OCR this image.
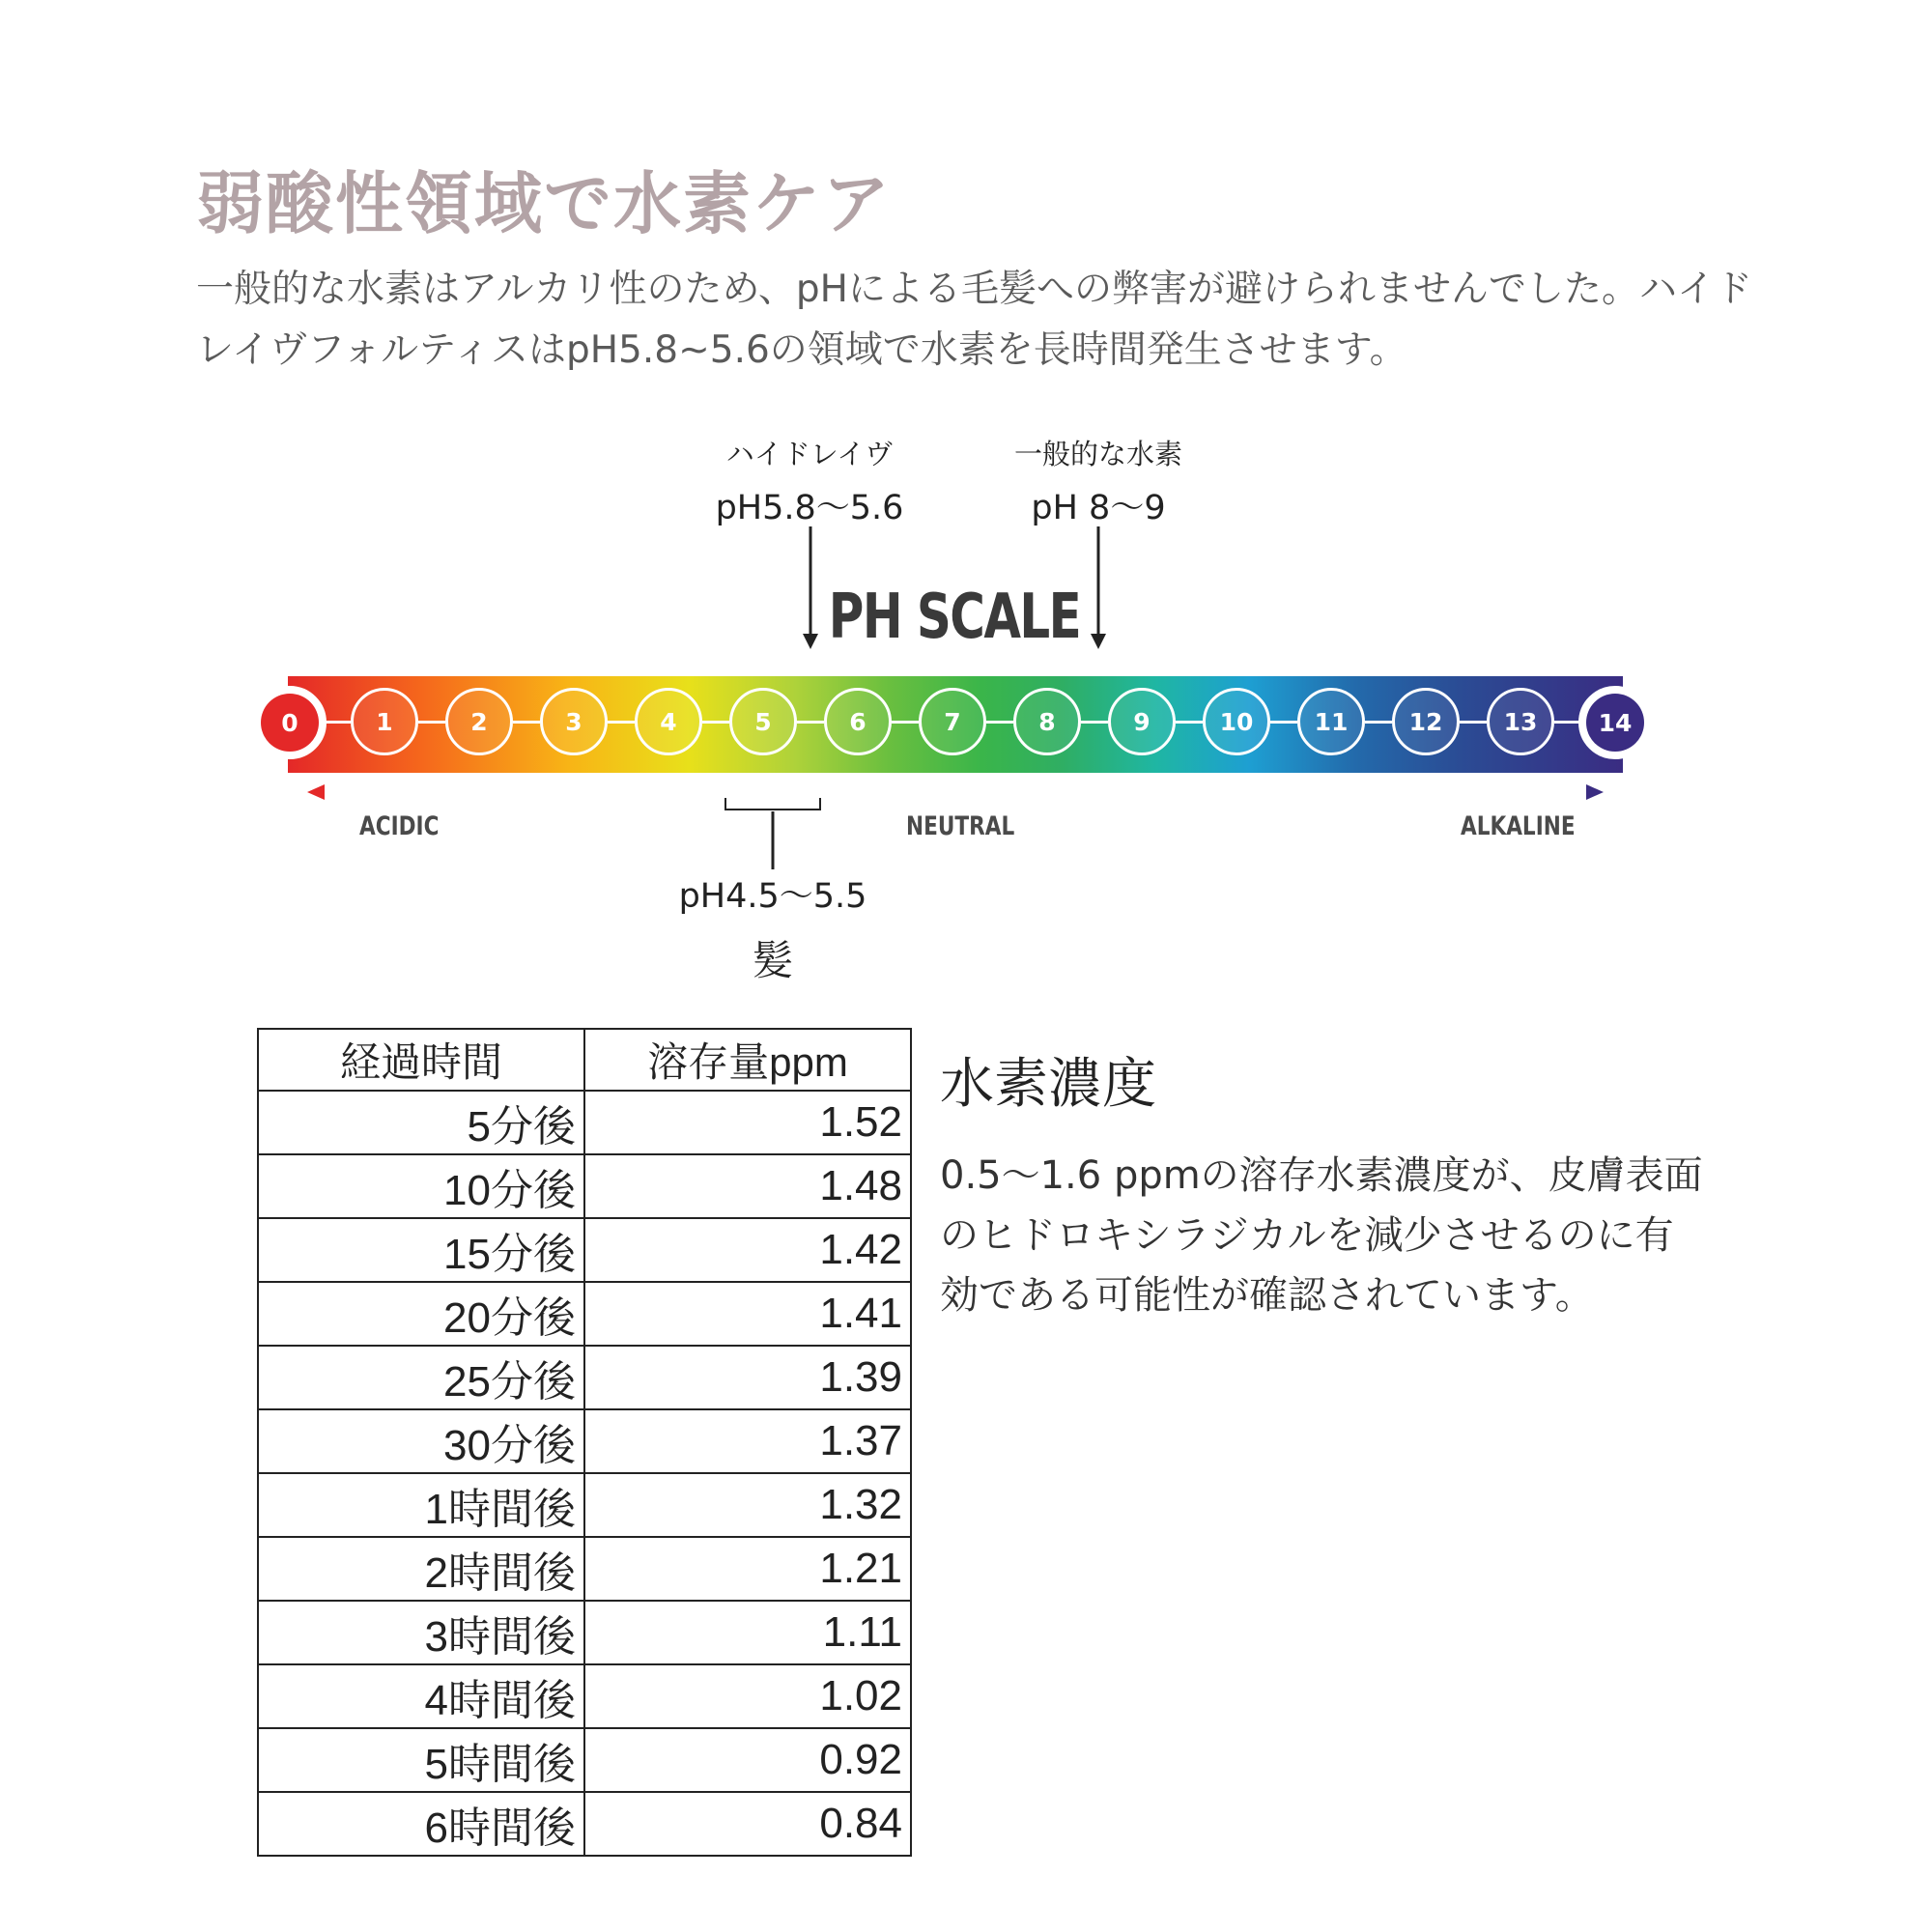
弱酸性領域で水素ケア
一般的な水素はアルカリ性のため、pHによる毛髪への弊害が避けられませんでした。ハイドレイヴフォルティスはpH5.8~5.6の領域で水素を長時間発生させます。
ハイドレイヴ
pH5.8〜5.6
一般的な水素
pH 8〜9
PH SCALE
0	1	2	3	4	5	6	7	8	9	10	11	12	13	14
ACIDIC	NEUTRAL	ALKALINE
pH4.5〜5.5
髪
経過時間	溶存量ppm
5分後	1.52
10分後	1.48
15分後	1.42
20分後	1.41
25分後	1.39
30分後	1.37
1時間後	1.32
2時間後	1.21
3時間後	1.11
4時間後	1.02
5時間後	0.92
6時間後	0.84
水素濃度
0.5〜1.6 ppmの溶存水素濃度が、皮膚表面のヒドロキシラジカルを減少させるのに有効である可能性が確認されています。
